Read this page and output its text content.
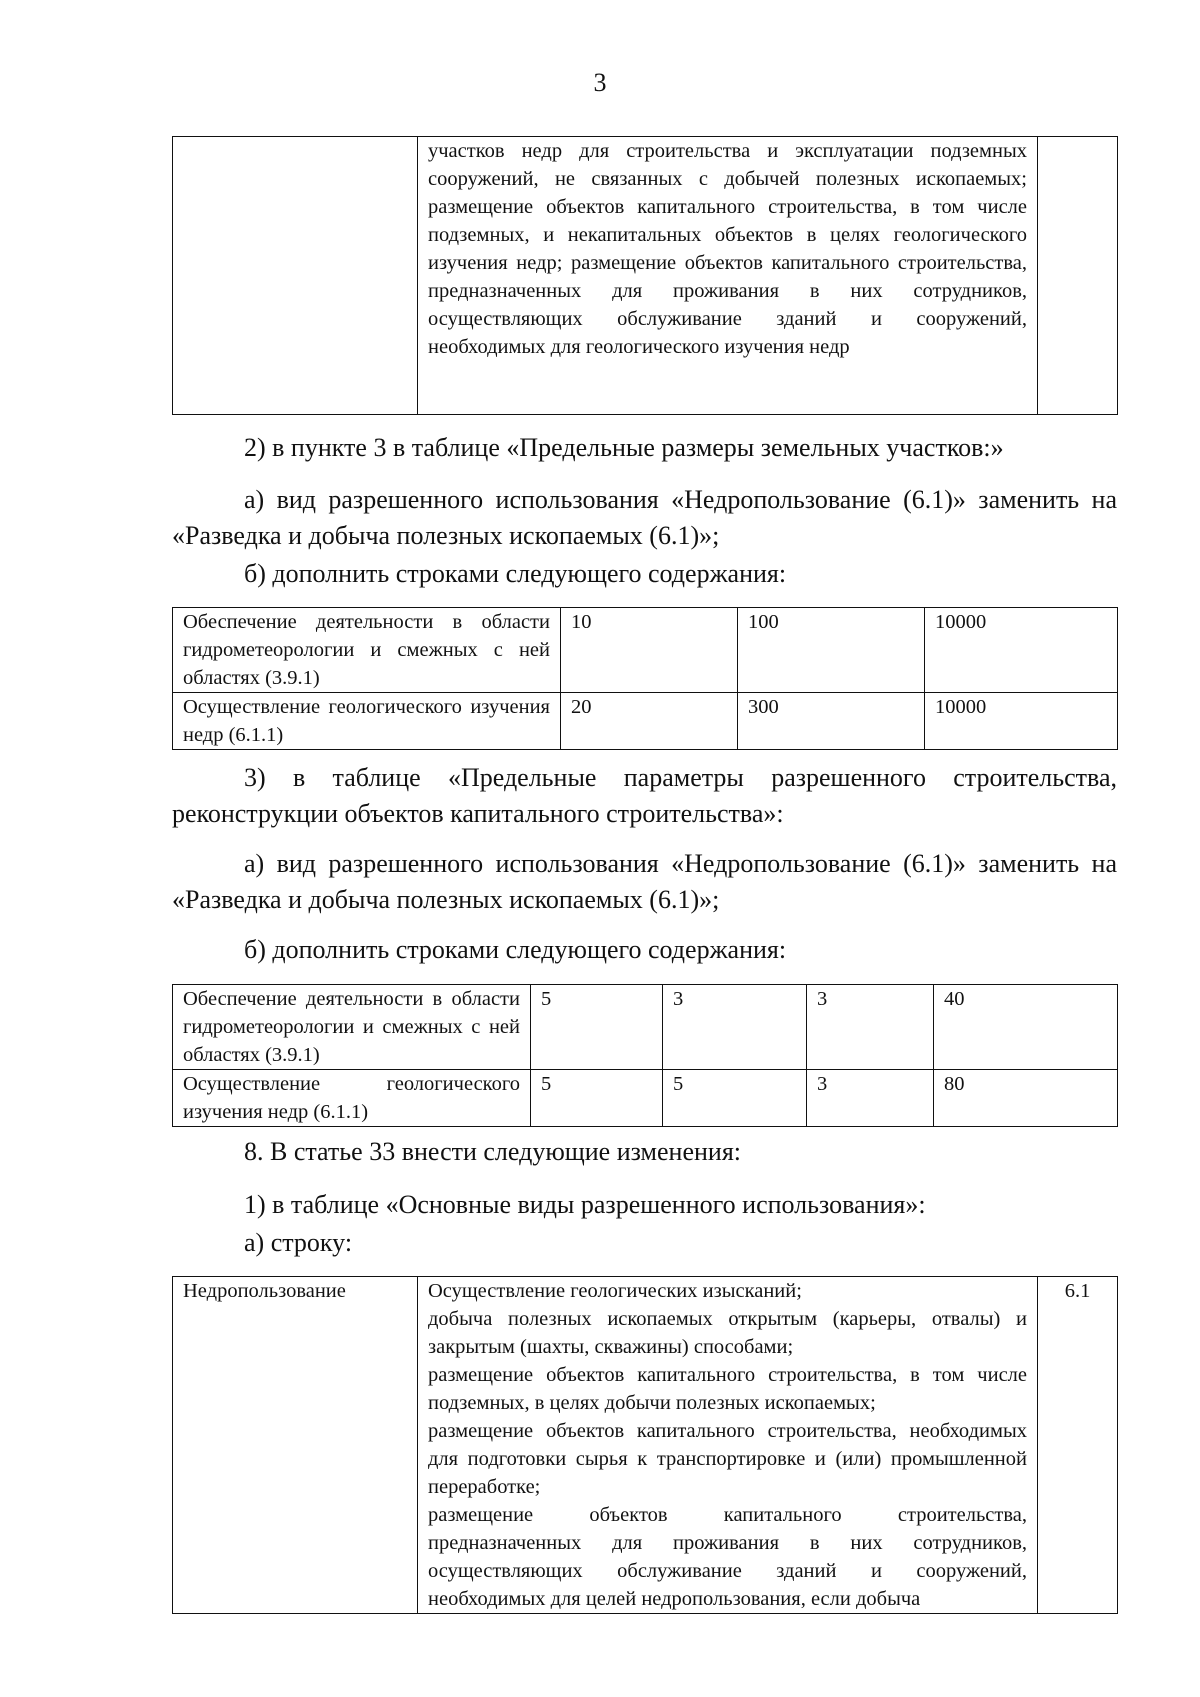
3
	участков недр для строительства и эксплуатации подземных сооружений, не связанных с добычей полезных ископаемых; размещение объектов капитального строительства, в том числе подземных, и некапитальных объектов в целях геологического изучения недр; размещение объектов капитального строительства, предназначенных для проживания в них сотрудников, осуществляющих обслуживание зданий и сооружений, необходимых для геологического изучения недр	

2) в пункте 3 в таблице «Предельные размеры земельных участков:»

а) вид разрешенного использования «Недропользование (6.1)» заменить на «Разведка и добыча полезных ископаемых (6.1)»;

б) дополнить строками следующего содержания:

Обеспечение деятельности в области гидрометеорологии и смежных с ней областях (3.9.1)	10	100	10000
Осуществление геологического изучения недр (6.1.1)	20	300	10000

3) в таблице «Предельные параметры разрешенного строительства, реконструкции объектов капитального строительства»:

а) вид разрешенного использования «Недропользование (6.1)» заменить на «Разведка и добыча полезных ископаемых (6.1)»;

б) дополнить строками следующего содержания:

Обеспечение деятельности в области гидрометеорологии и смежных с ней областях (3.9.1)	5	3	3	40
Осуществление геологического изучения недр (6.1.1)	5	5	3	80

8. В статье 33 внести следующие изменения:

1) в таблице «Основные виды разрешенного использования»:

а) строку:

Недропользование	Осуществление геологических изысканий;
добыча полезных ископаемых открытым (карьеры, отвалы) и закрытым (шахты, скважины) способами;
размещение объектов капитального строительства, в том числе подземных, в целях добычи полезных ископаемых;
размещение объектов капитального строительства, необходимых для подготовки сырья к транспортировке и (или) промышленной переработке;
размещение объектов капитального строительства, предназначенных для проживания в них сотрудников, осуществляющих обслуживание зданий и сооружений, необходимых для целей недропользования, если добыча
	6.1
